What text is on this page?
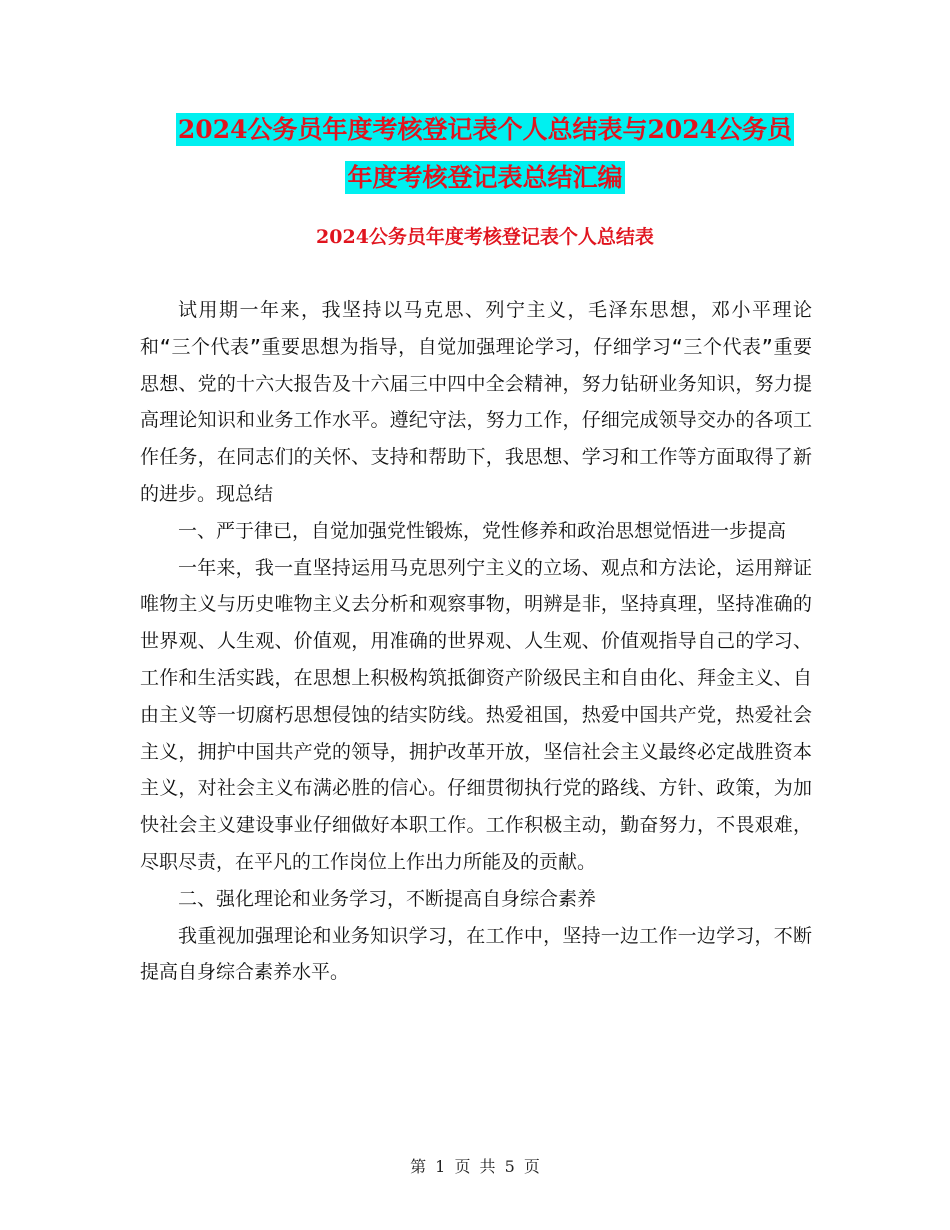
2024公务员年度考核登记表个人总结表与2024公务员
年度考核登记表总结汇编
2024公务员年度考核登记表个人总结表

试用期一年来，我坚持以马克思、列宁主义，毛泽东思想，邓小平理论和“三个代表”重要思想为指导，自觉加强理论学习，仔细学习“三个代表”重要思想、党的十六大报告及十六届三中四中全会精神，努力钻研业务知识，努力提高理论知识和业务工作水平。遵纪守法，努力工作，仔细完成领导交办的各项工作任务，在同志们的关怀、支持和帮助下，我思想、学习和工作等方面取得了新的进步。现总结

一、严于律已，自觉加强党性锻炼，党性修养和政治思想觉悟进一步提高

一年来，我一直坚持运用马克思列宁主义的立场、观点和方法论，运用辩证唯物主义与历史唯物主义去分析和观察事物，明辨是非，坚持真理，坚持准确的世界观、人生观、价值观，用准确的世界观、人生观、价值观指导自己的学习、工作和生活实践，在思想上积极构筑抵御资产阶级民主和自由化、拜金主义、自由主义等一切腐朽思想侵蚀的结实防线。热爱祖国，热爱中国共产党，热爱社会主义，拥护中国共产党的领导，拥护改革开放，坚信社会主义最终必定战胜资本主义，对社会主义布满必胜的信心。仔细贯彻执行党的路线、方针、政策，为加快社会主义建设事业仔细做好本职工作。工作积极主动，勤奋努力，不畏艰难，尽职尽责，在平凡的工作岗位上作出力所能及的贡献。

二、强化理论和业务学习，不断提高自身综合素养

我重视加强理论和业务知识学习，在工作中，坚持一边工作一边学习，不断提高自身综合素养水平。

第 1 页 共 5 页
